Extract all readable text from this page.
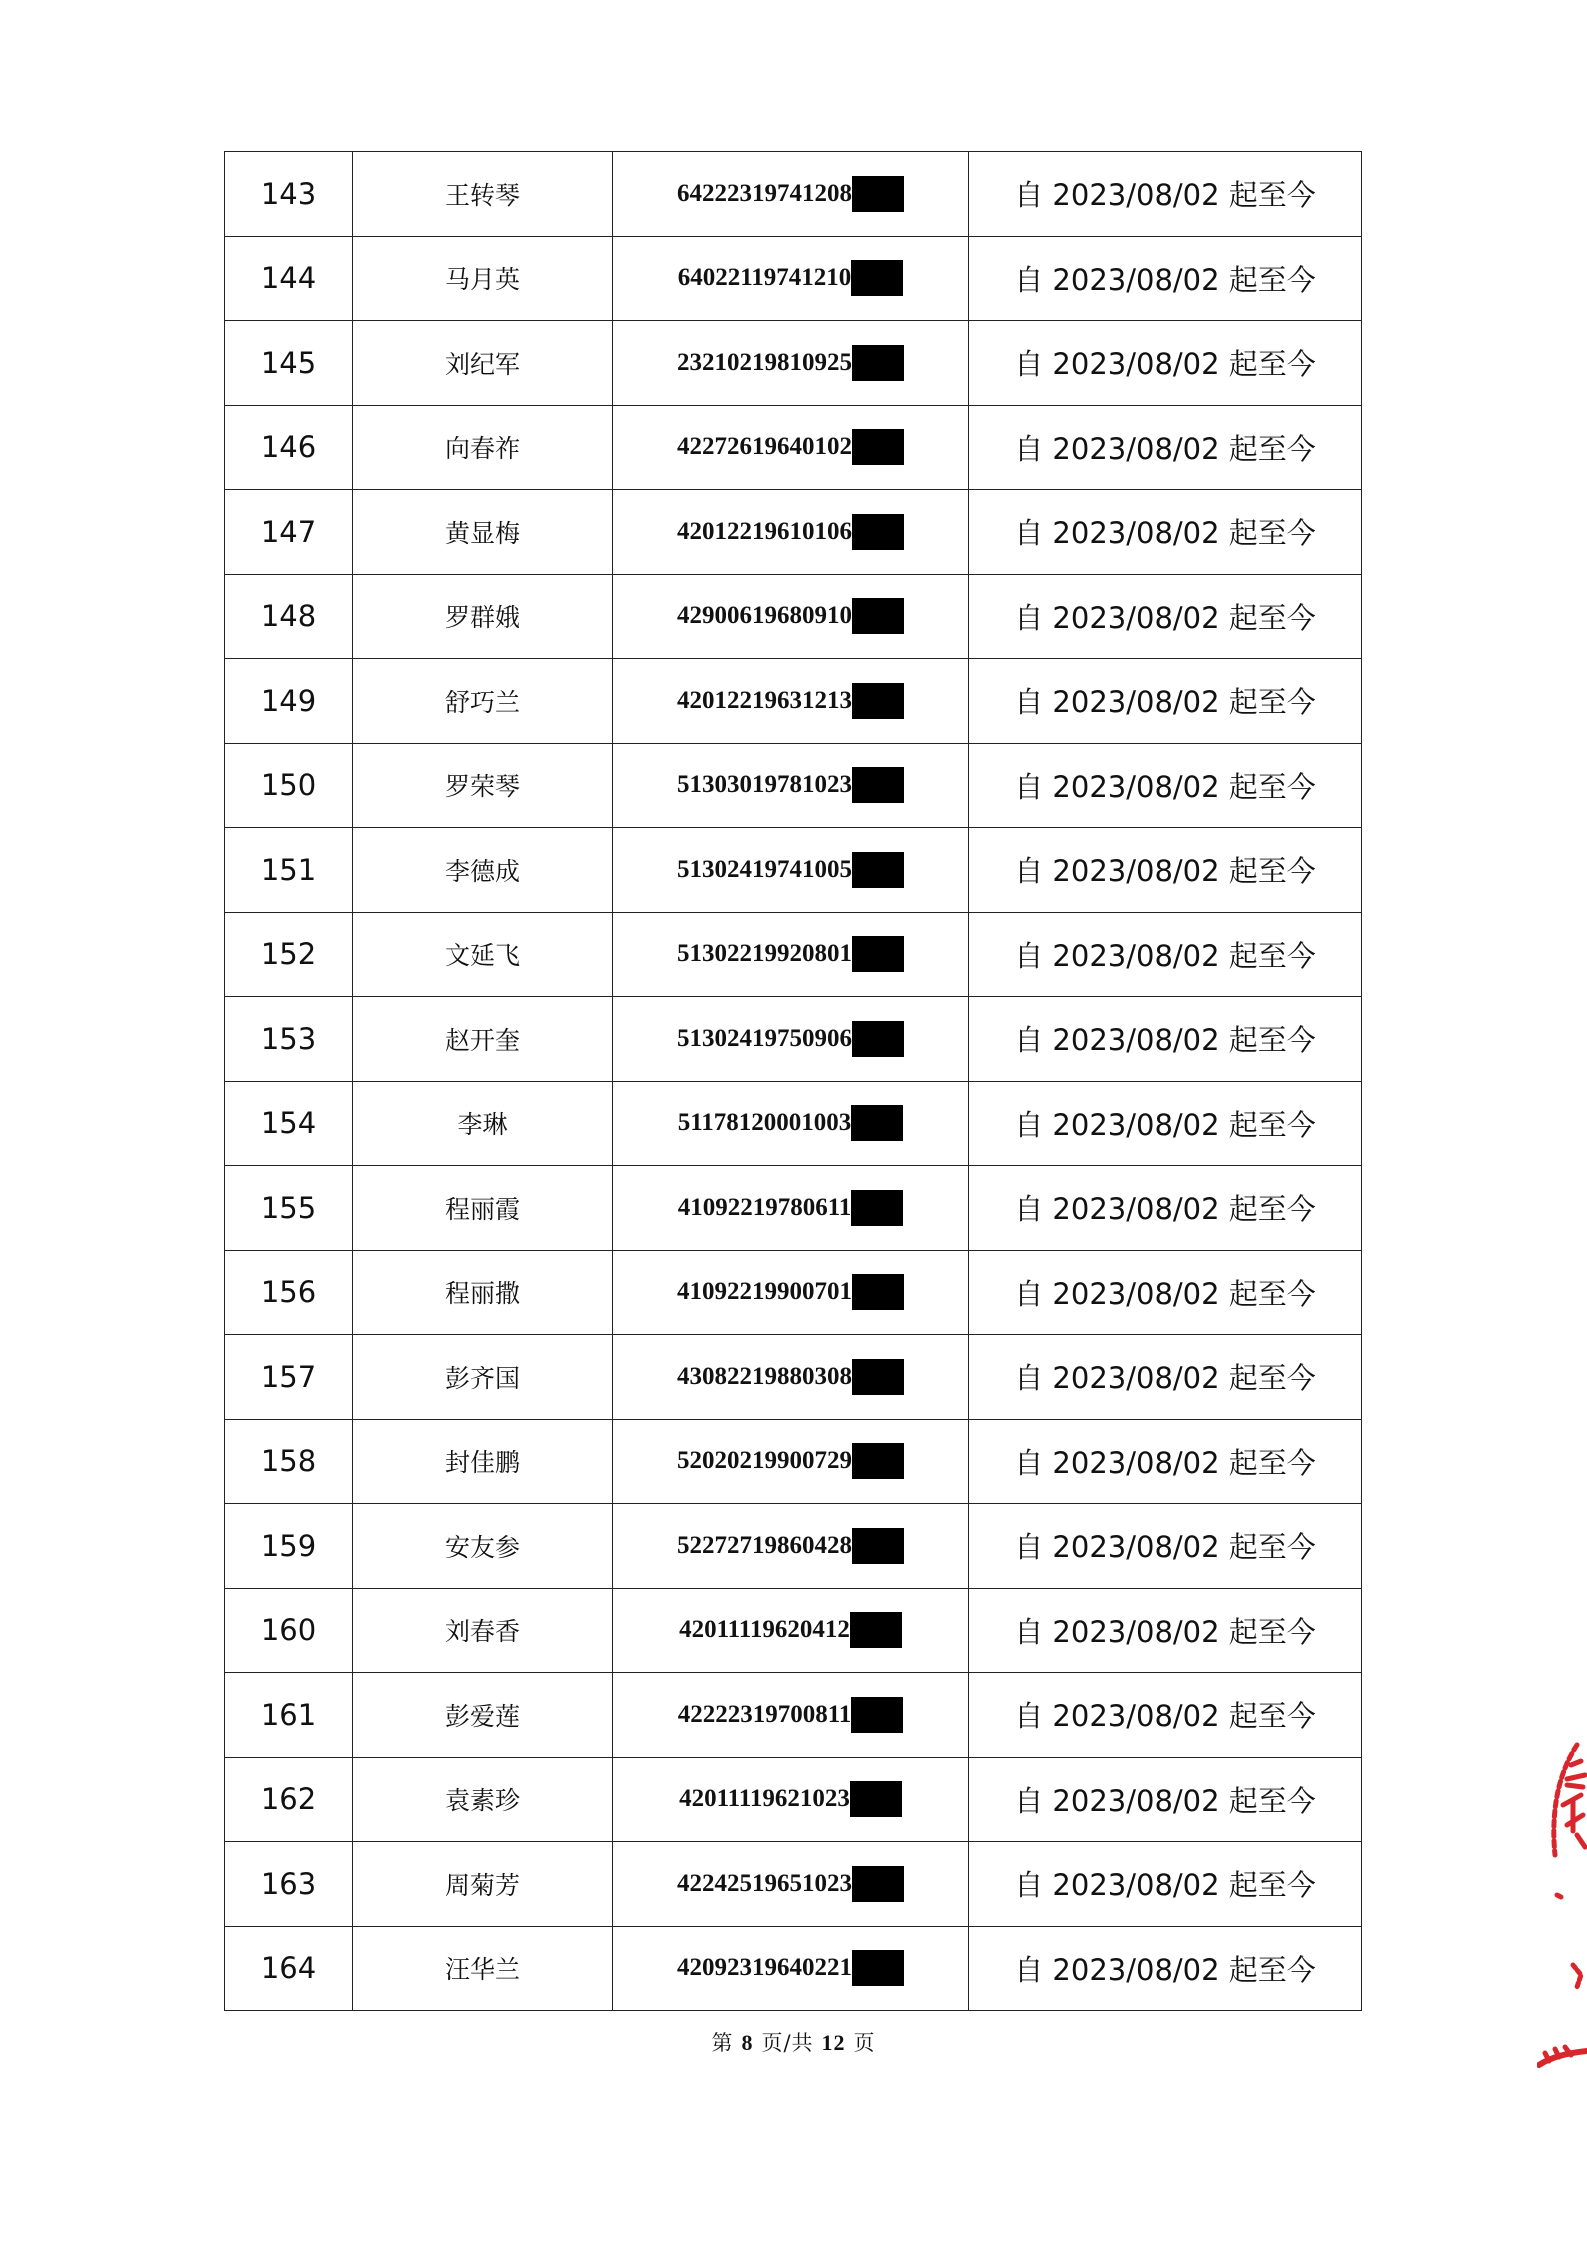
143	王转琴	64222319741208	自 2023/08/02 起至今
144	马月英	64022119741210	自 2023/08/02 起至今
145	刘纪军	23210219810925	自 2023/08/02 起至今
146	向春祚	42272619640102	自 2023/08/02 起至今
147	黄显梅	42012219610106	自 2023/08/02 起至今
148	罗群娥	42900619680910	自 2023/08/02 起至今
149	舒巧兰	42012219631213	自 2023/08/02 起至今
150	罗荣琴	51303019781023	自 2023/08/02 起至今
151	李德成	51302419741005	自 2023/08/02 起至今
152	文延飞	51302219920801	自 2023/08/02 起至今
153	赵开奎	51302419750906	自 2023/08/02 起至今
154	李琳	51178120001003	自 2023/08/02 起至今
155	程丽霞	41092219780611	自 2023/08/02 起至今
156	程丽撒	41092219900701	自 2023/08/02 起至今
157	彭齐国	43082219880308	自 2023/08/02 起至今
158	封佳鹏	52020219900729	自 2023/08/02 起至今
159	安友参	52272719860428	自 2023/08/02 起至今
160	刘春香	42011119620412	自 2023/08/02 起至今
161	彭爱莲	42222319700811	自 2023/08/02 起至今
162	袁素珍	42011119621023	自 2023/08/02 起至今
163	周菊芳	42242519651023	自 2023/08/02 起至今
164	汪华兰	42092319640221	自 2023/08/02 起至今
第 8 页/共 12 页
